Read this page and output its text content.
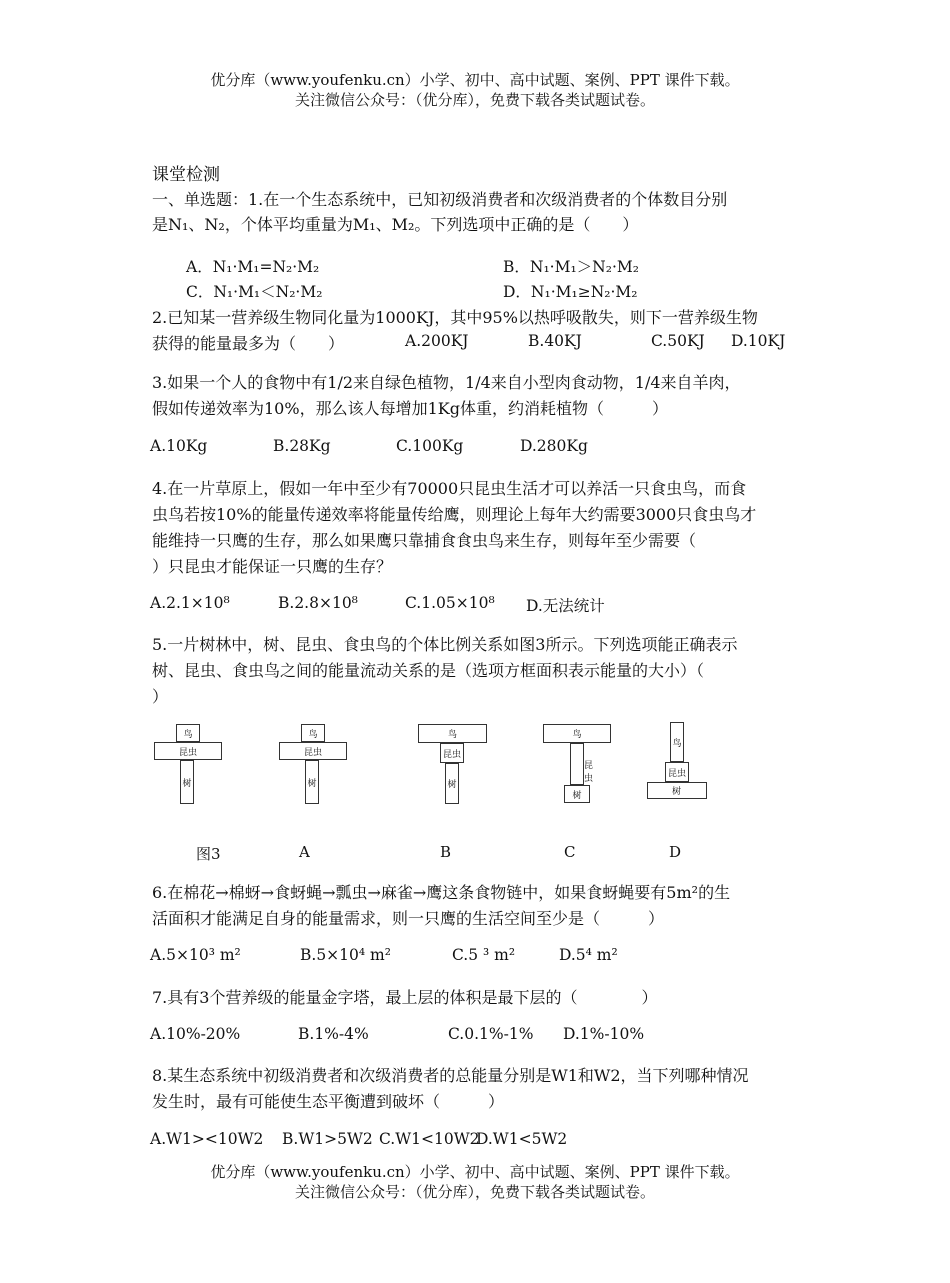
优分库（www.youfenku.cn）小学、初中、高中试题、案例、PPT 课件下载。
关注微信公众号：（优分库），免费下载各类试题试卷。
课堂检测
一、单选题：1.在一个生态系统中，已知初级消费者和次级消费者的个体数目分别
是N₁、N₂，个体平均重量为M₁、M₂。下列选项中正确的是（　　）
A．N₁·M₁=N₂·M₂	B．N₁·M₁＞N₂·M₂
C．N₁·M₁＜N₂·M₂	D．N₁·M₁≥N₂·M₂
2.已知某一营养级生物同化量为1000KJ，其中95%以热呼吸散失，则下一营养级生物
获得的能量最多为（　　）	A.200KJ	B.40KJ	C.50KJ D.10KJ
3.如果一个人的食物中有1/2来自绿色植物，1/4来自小型肉食动物，1/4来自羊肉，
假如传递效率为10%，那么该人每增加1Kg体重，约消耗植物（　　　）
A.10Kg	B.28Kg	C.100Kg	D.280Kg
4.在一片草原上，假如一年中至少有70000只昆虫生活才可以养活一只食虫鸟，而食
虫鸟若按10%的能量传递效率将能量传给鹰，则理论上每年大约需要3000只食虫鸟才
能维持一只鹰的生存，那么如果鹰只靠捕食食虫鸟来生存，则每年至少需要（
）只昆虫才能保证一只鹰的生存？
A.2.1×10⁸	B.2.8×10⁸	C.1.05×10⁸ D.无法统计
5.一片树林中，树、昆虫、食虫鸟的个体比例关系如图3所示。下列选项能正确表示
树、昆虫、食虫鸟之间的能量流动关系的是（选项方框面积表示能量的大小）（
）
鸟
昆虫
树
鸟
昆虫
树
鸟
昆虫
树
鸟
昆虫
树
鸟
昆虫
树
图3	A	B	C	D
6.在棉花→棉蚜→食蚜蝇→瓢虫→麻雀→鹰这条食物链中，如果食蚜蝇要有5m²的生
活面积才能满足自身的能量需求，则一只鹰的生活空间至少是（　　　）
A.5×10³ m²	B.5×10⁴ m²	C.5 ³ m²	D.5⁴ m²
7.具有3个营养级的能量金字塔，最上层的体积是最下层的（　　　　）
A.10%-20%	B.1%-4%	C.0.1%-1% D.1%-10%
8.某生态系统中初级消费者和次级消费者的总能量分别是W1和W2，当下列哪种情况
发生时，最有可能使生态平衡遭到破坏（　　　）
A.W1><10W2 B.W1>5W2 C.W1<10W2
D.W1<5W2
优分库（www.youfenku.cn）小学、初中、高中试题、案例、PPT 课件下载。
关注微信公众号：（优分库），免费下载各类试题试卷。
